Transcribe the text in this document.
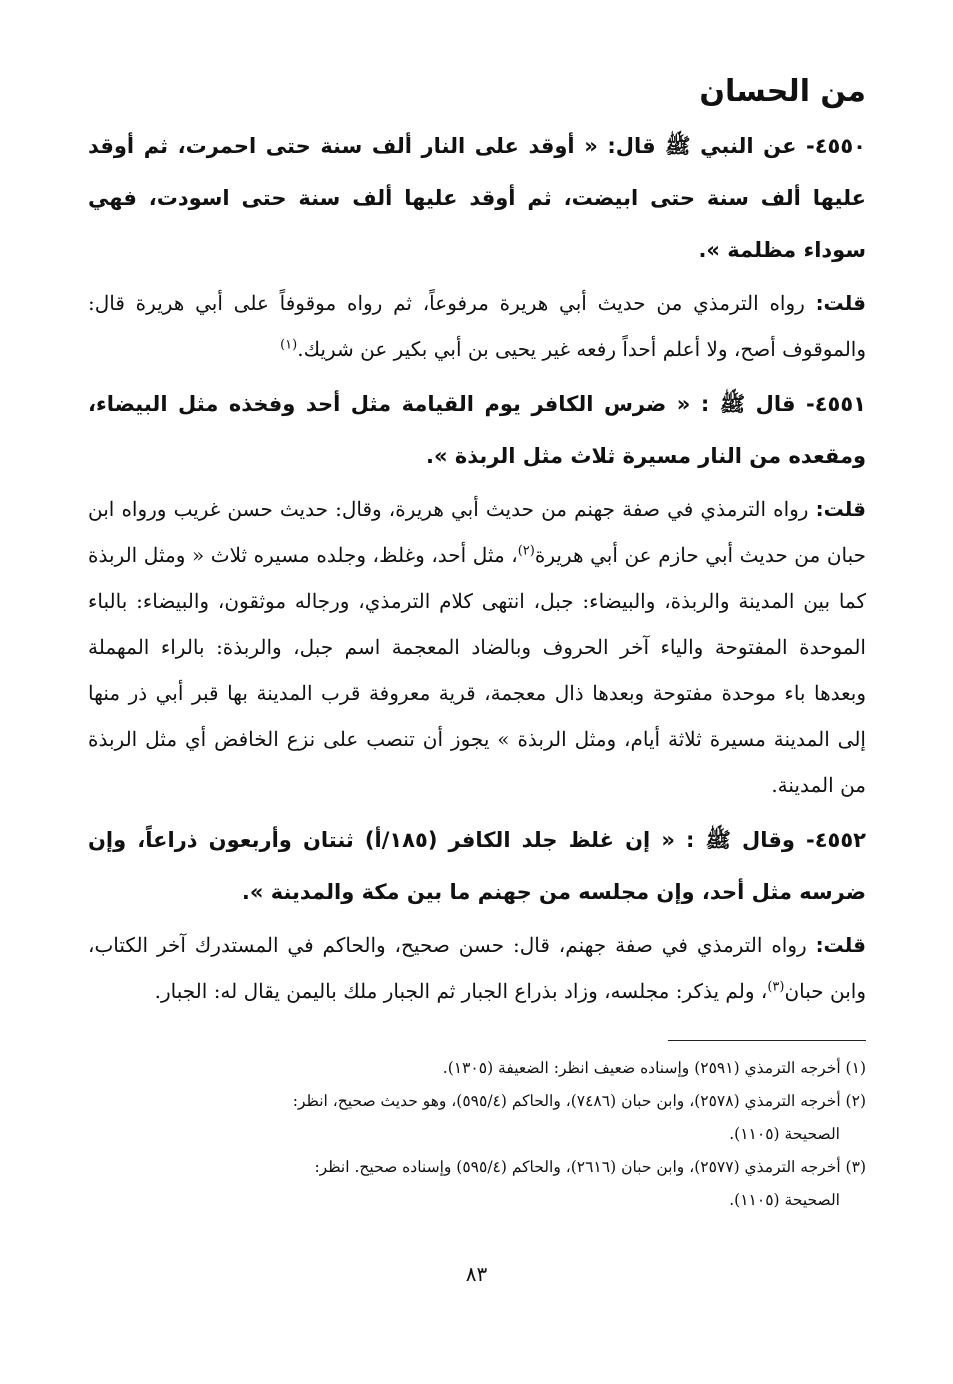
من الحسان

٤٥٥٠- عن النبي ﷺ قال: « أوقد على النار ألف سنة حتى احمرت، ثم أوقد عليها ألف سنة حتى ابيضت، ثم أوقد عليها ألف سنة حتى اسودت، فهي سوداء مظلمة ».

قلت: رواه الترمذي من حديث أبي هريرة مرفوعاً، ثم رواه موقوفاً على أبي هريرة قال: والموقوف أصح، ولا أعلم أحداً رفعه غير يحيى بن أبي بكير عن شريك.$^{(١)}$

٤٥٥١- قال ﷺ : « ضرس الكافر يوم القيامة مثل أحد وفخذه مثل البيضاء، ومقعده من النار مسيرة ثلاث مثل الربذة ».

قلت: رواه الترمذي في صفة جهنم من حديث أبي هريرة، وقال: حديث حسن غريب ورواه ابن حبان من حديث أبي حازم عن أبي هريرة$^{(٢)}$، مثل أحد، وغلظ، وجلده مسيره ثلاث « ومثل الربذة كما بين المدينة والربذة، والبيضاء: جبل، انتهى كلام الترمذي، ورجاله موثقون، والبيضاء: بالباء الموحدة المفتوحة والياء آخر الحروف وبالضاد المعجمة اسم جبل، والربذة: بالراء المهملة وبعدها باء موحدة مفتوحة وبعدها ذال معجمة، قرية معروفة قرب المدينة بها قبر أبي ذر منها إلى المدينة مسيرة ثلاثة أيام، ومثل الربذة » يجوز أن تنصب على نزع الخافض أي مثل الربذة من المدينة.

٤٥٥٢- وقال ﷺ : « إن غلظ جلد الكافر (١٨٥/أ) ثنتان وأربعون ذراعاً، وإن ضرسه مثل أحد، وإن مجلسه من جهنم ما بين مكة والمدينة ».

قلت: رواه الترمذي في صفة جهنم، قال: حسن صحيح، والحاكم في المستدرك آخر الكتاب، وابن حبان$^{(٣)}$، ولم يذكر: مجلسه، وزاد بذراع الجبار ثم الجبار ملك باليمن يقال له: الجبار.

(١) أخرجه الترمذي (٢٥٩١) وإسناده ضعيف انظر: الضعيفة (١٣٠٥).

(٢) أخرجه الترمذي (٢٥٧٨)، وابن حبان (٧٤٨٦)، والحاكم (٥٩٥/٤)، وهو حديث صحيح، انظر:
الصحيحة (١١٠٥).

(٣) أخرجه الترمذي (٢٥٧٧)، وابن حبان (٢٦١٦)، والحاكم (٥٩٥/٤) وإسناده صحيح. انظر:
الصحيحة (١١٠٥).

٨٣
